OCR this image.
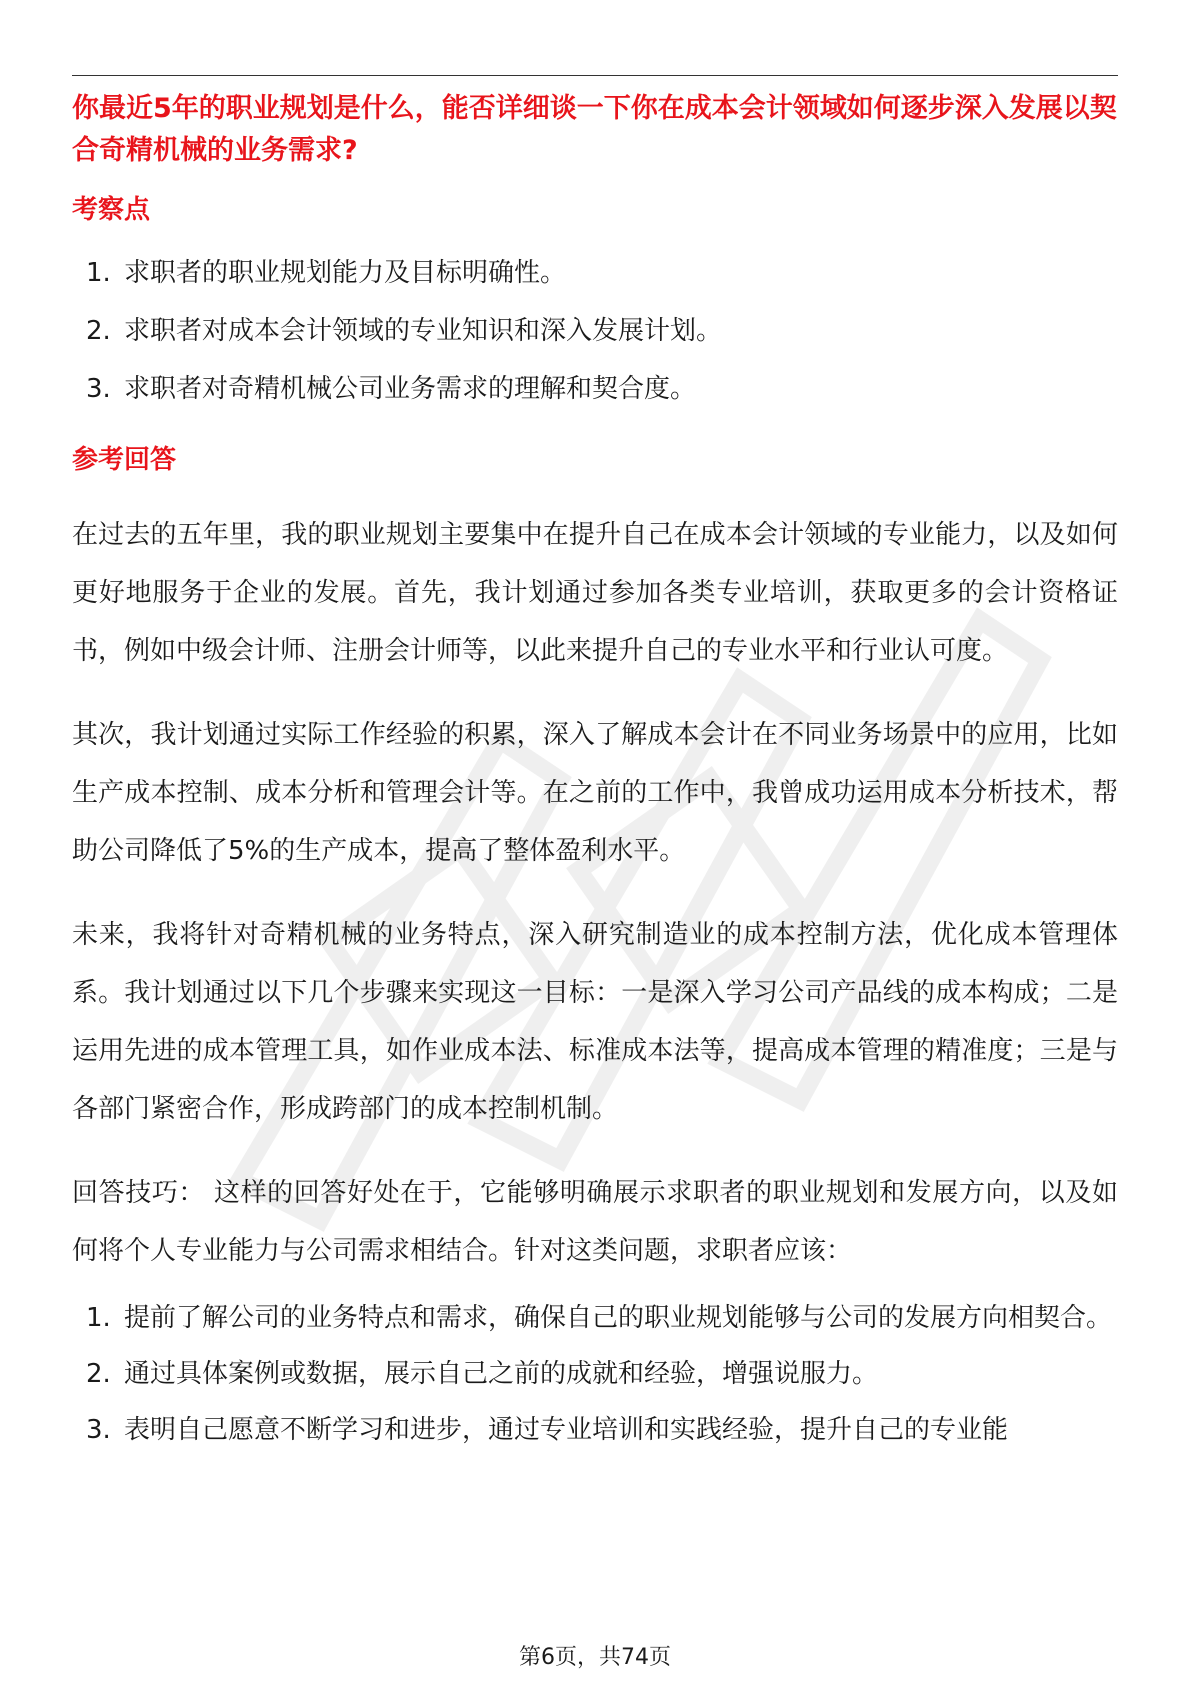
你最近5年的职业规划是什么，能否详细谈一下你在成本会计领域如何逐步深入发展以契合奇精机械的业务需求?

考察点
1. 求职者的职业规划能力及目标明确性。
2. 求职者对成本会计领域的专业知识和深入发展计划。
3. 求职者对奇精机械公司业务需求的理解和契合度。
参考回答

在过去的五年里，我的职业规划主要集中在提升自己在成本会计领域的专业能力，以及如何更好地服务于企业的发展。首先，我计划通过参加各类专业培训，获取更多的会计资格证书，例如中级会计师、注册会计师等，以此来提升自己的专业水平和行业认可度。

其次，我计划通过实际工作经验的积累，深入了解成本会计在不同业务场景中的应用，比如生产成本控制、成本分析和管理会计等。在之前的工作中，我曾成功运用成本分析技术，帮助公司降低了5%的生产成本，提高了整体盈利水平。

未来，我将针对奇精机械的业务特点，深入研究制造业的成本控制方法，优化成本管理体系。我计划通过以下几个步骤来实现这一目标：一是深入学习公司产品线的成本构成；二是运用先进的成本管理工具，如作业成本法、标准成本法等，提高成本管理的精准度；三是与各部门紧密合作，形成跨部门的成本控制机制。

回答技巧： 这样的回答好处在于，它能够明确展示求职者的职业规划和发展方向，以及如何将个人专业能力与公司需求相结合。针对这类问题，求职者应该：

1. 提前了解公司的业务特点和需求，确保自己的职业规划能够与公司的发展方向相契合。
2. 通过具体案例或数据，展示自己之前的成就和经验，增强说服力。
3. 表明自己愿意不断学习和进步，通过专业培训和实践经验，提升自己的专业能
第6页，共74页
